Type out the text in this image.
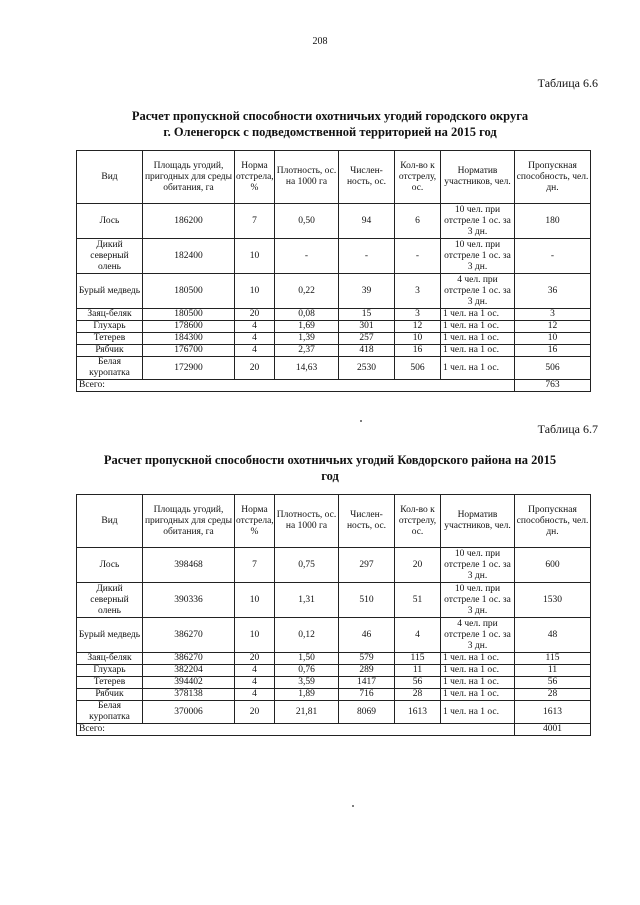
208
Таблица 6.6
Расчет пропускной способности охотничьих угодий городского округа
г. Оленегорск с подведомственной территорией на 2015 год
Вид	Площадь угодий, пригодных для среды обитания, га	Норма отстрела, %	Плотность, ос. на 1000 га	Числен-ность, ос.	Кол-во к отстрелу, ос.	Норматив участников, чел.	Пропускная способность, чел. дн.
Лось	186200	7	0,50	94	6	10 чел. при отстреле 1 ос. за 3 дн.	180
Дикий северный олень	182400	10	-	-	-	10 чел. при отстреле 1 ос. за 3 дн.	-
Бурый медведь	180500	10	0,22	39	3	4 чел. при отстреле 1 ос. за 3 дн.	36
Заяц-беляк	180500	20	0,08	15	3	1 чел. на 1 ос.	3
Глухарь	178600	4	1,69	301	12	1 чел. на 1 ос.	12
Тетерев	184300	4	1,39	257	10	1 чел. на 1 ос.	10
Рябчик	176700	4	2,37	418	16	1 чел. на 1 ос.	16
Белая куропатка	172900	20	14,63	2530	506	1 чел. на 1 ос.	506
Всего:							763
Таблица 6.7
Расчет пропускной способности охотничьих угодий Ковдорского района на 2015
год
Вид	Площадь угодий, пригодных для среды обитания, га	Норма отстрела, %	Плотность, ос. на 1000 га	Числен-ность, ос.	Кол-во к отстрелу, ос.	Норматив участников, чел.	Пропускная способность, чел. дн.
Лось	398468	7	0,75	297	20	10 чел. при отстреле 1 ос. за 3 дн.	600
Дикий северный олень	390336	10	1,31	510	51	10 чел. при отстреле 1 ос. за 3 дн.	1530
Бурый медведь	386270	10	0,12	46	4	4 чел. при отстреле 1 ос. за 3 дн.	48
Заяц-беляк	386270	20	1,50	579	115	1 чел. на 1 ос.	115
Глухарь	382204	4	0,76	289	11	1 чел. на 1 ос.	11
Тетерев	394402	4	3,59	1417	56	1 чел. на 1 ос.	56
Рябчик	378138	4	1,89	716	28	1 чел. на 1 ос.	28
Белая куропатка	370006	20	21,81	8069	1613	1 чел. на 1 ос.	1613
Всего:							4001
